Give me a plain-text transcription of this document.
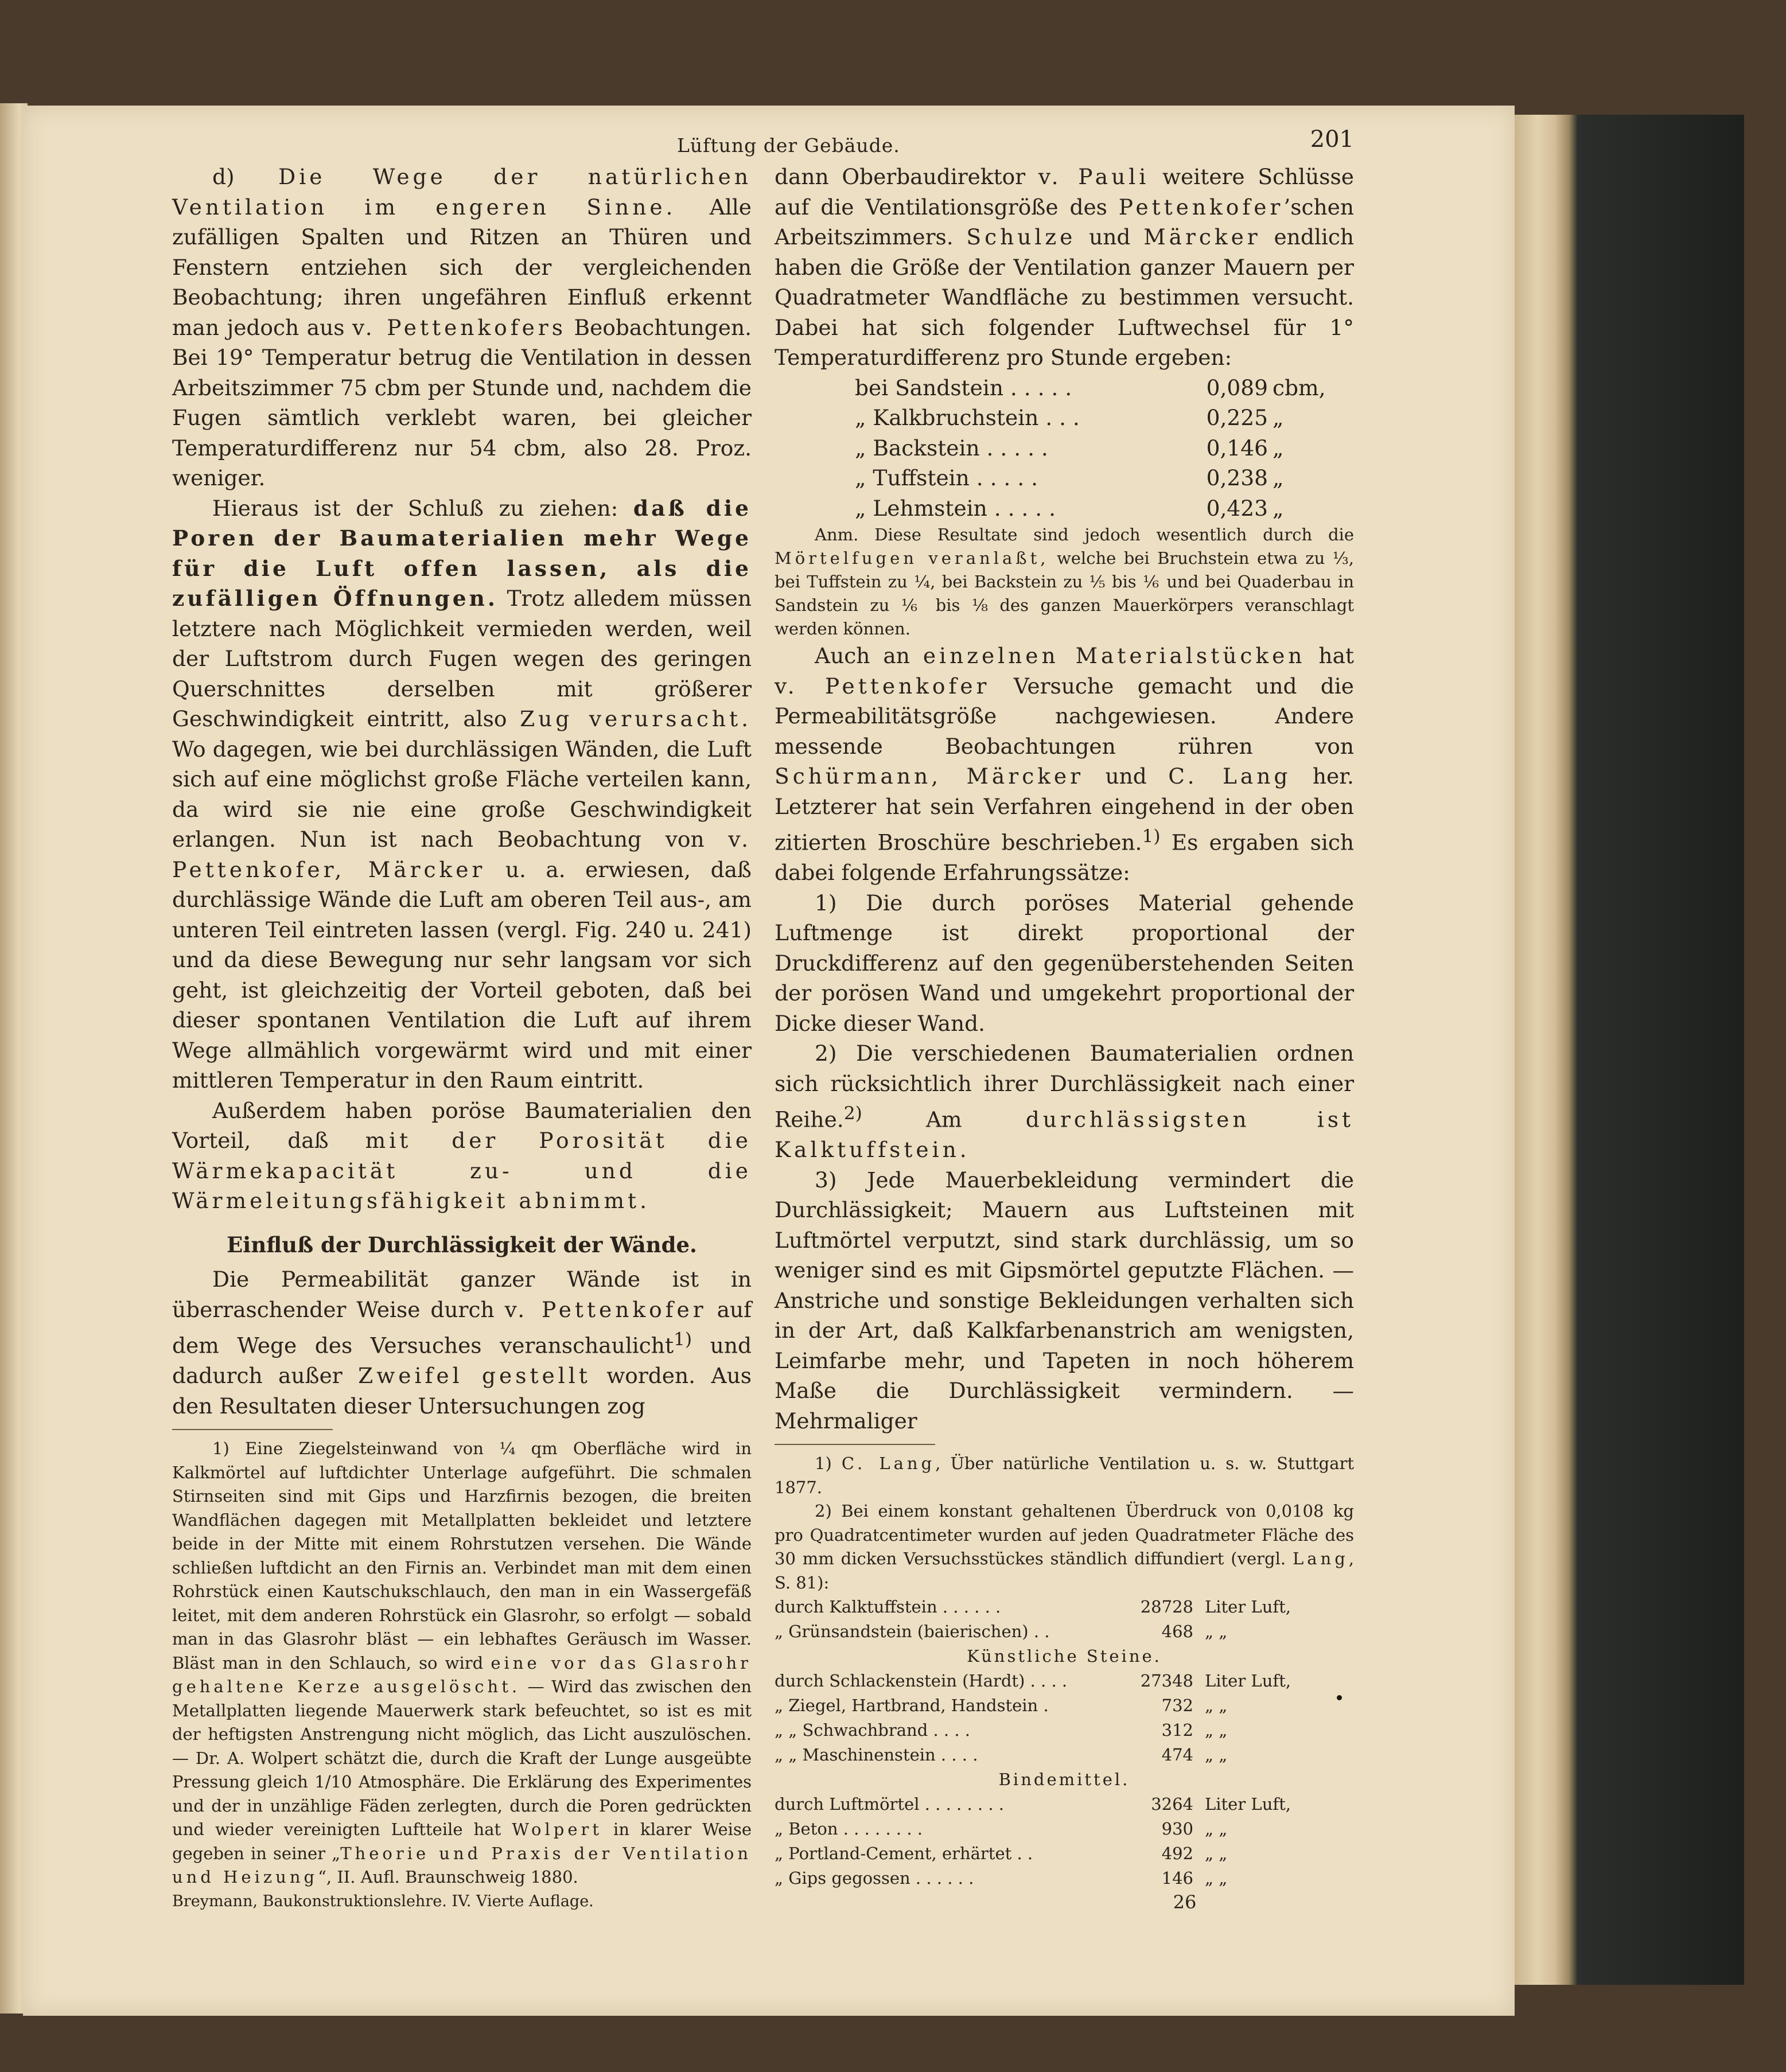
Lüftung der Gebäude.	201

d) Die Wege der natürlichen Ventilation im engeren Sinne. Alle zufälligen Spalten und Ritzen an Thüren und Fenstern entziehen sich der vergleichenden Beobachtung; ihren ungefähren Einfluß erkennt man jedoch aus v. Pettenkofers Beobachtungen. Bei 19° Temperatur betrug die Ventilation in dessen Arbeitszimmer 75 cbm per Stunde und, nachdem die Fugen sämtlich verklebt waren, bei gleicher Temperaturdifferenz nur 54 cbm, also 28. Proz. weniger.

Hieraus ist der Schluß zu ziehen: daß die Poren der Baumaterialien mehr Wege für die Luft offen lassen, als die zufälligen Öffnungen. Trotz alledem müssen letztere nach Möglichkeit vermieden werden, weil der Luftstrom durch Fugen wegen des geringen Querschnittes derselben mit größerer Geschwindigkeit eintritt, also Zug verursacht. Wo dagegen, wie bei durchlässigen Wänden, die Luft sich auf eine möglichst große Fläche verteilen kann, da wird sie nie eine große Geschwindigkeit erlangen. Nun ist nach Beobachtung von v. Pettenkofer, Märcker u. a. erwiesen, daß durchlässige Wände die Luft am oberen Teil aus-, am unteren Teil eintreten lassen (vergl. Fig. 240 u. 241) und da diese Bewegung nur sehr langsam vor sich geht, ist gleichzeitig der Vorteil geboten, daß bei dieser spontanen Ventilation die Luft auf ihrem Wege allmählich vorgewärmt wird und mit einer mittleren Temperatur in den Raum eintritt.

Außerdem haben poröse Baumaterialien den Vorteil, daß mit der Porosität die Wärmekapacität zu- und die Wärmeleitungsfähigkeit abnimmt.

Einfluß der Durchlässigkeit der Wände.

Die Permeabilität ganzer Wände ist in überraschender Weise durch v. Pettenkofer auf dem Wege des Versuches veranschaulicht$^{1)}$ und dadurch außer Zweifel gestellt worden. Aus den Resultaten dieser Untersuchungen zog

1) Eine Ziegelsteinwand von ¼ qm Oberfläche wird in Kalkmörtel auf luftdichter Unterlage aufgeführt. Die schmalen Stirnseiten sind mit Gips und Harzfirnis bezogen, die breiten Wandflächen dagegen mit Metallplatten bekleidet und letztere beide in der Mitte mit einem Rohrstutzen versehen. Die Wände schließen luftdicht an den Firnis an. Verbindet man mit dem einen Rohrstück einen Kautschukschlauch, den man in ein Wassergefäß leitet, mit dem anderen Rohrstück ein Glasrohr, so erfolgt — sobald man in das Glasrohr bläst — ein lebhaftes Geräusch im Wasser. Bläst man in den Schlauch, so wird eine vor das Glasrohr gehaltene Kerze ausgelöscht. — Wird das zwischen den Metallplatten liegende Mauerwerk stark befeuchtet, so ist es mit der heftigsten Anstrengung nicht möglich, das Licht auszulöschen. — Dr. A. Wolpert schätzt die, durch die Kraft der Lunge ausgeübte Pressung gleich 1/10 Atmosphäre. Die Erklärung des Experimentes und der in unzählige Fäden zerlegten, durch die Poren gedrückten und wieder vereinigten Luftteile hat Wolpert in klarer Weise gegeben in seiner „Theorie und Praxis der Ventilation und Heizung“, II. Aufl. Braunschweig 1880.

Breymann, Baukonstruktionslehre. IV. Vierte Auflage.

dann Oberbaudirektor v. Pauli weitere Schlüsse auf die Ventilationsgröße des Pettenkofer’schen Arbeitszimmers. Schulze und Märcker endlich haben die Größe der Ventilation ganzer Mauern per Quadratmeter Wandfläche zu bestimmen versucht. Dabei hat sich folgender Luftwechsel für 1° Temperaturdifferenz pro Stunde ergeben:

bei Sandstein . . . . .	0,089 cbm,
„ Kalkbruchstein . . .	0,225 „
„ Backstein . . . . .	0,146 „
„ Tuffstein . . . . .	0,238 „
„ Lehmstein . . . . .	0,423 „

Anm. Diese Resultate sind jedoch wesentlich durch die Mörtelfugen veranlaßt, welche bei Bruchstein etwa zu ⅓, bei Tuffstein zu ¼, bei Backstein zu ⅕ bis ⅙ und bei Quaderbau in Sandstein zu ⅙ bis ⅛ des ganzen Mauerkörpers veranschlagt werden können.

Auch an einzelnen Materialstücken hat v. Pettenkofer Versuche gemacht und die Permeabilitätsgröße nachgewiesen. Andere messende Beobachtungen rühren von Schürmann, Märcker und C. Lang her. Letzterer hat sein Verfahren eingehend in der oben zitierten Broschüre beschrieben.$^{1)}$ Es ergaben sich dabei folgende Erfahrungssätze:

1) Die durch poröses Material gehende Luftmenge ist direkt proportional der Druckdifferenz auf den gegenüberstehenden Seiten der porösen Wand und umgekehrt proportional der Dicke dieser Wand.

2) Die verschiedenen Baumaterialien ordnen sich rücksichtlich ihrer Durchlässigkeit nach einer Reihe.$^{2)}$ Am durchlässigsten ist Kalktuffstein.

3) Jede Mauerbekleidung vermindert die Durchlässigkeit; Mauern aus Luftsteinen mit Luftmörtel verputzt, sind stark durchlässig, um so weniger sind es mit Gipsmörtel geputzte Flächen. — Anstriche und sonstige Bekleidungen verhalten sich in der Art, daß Kalkfarbenanstrich am wenigsten, Leimfarbe mehr, und Tapeten in noch höherem Maße die Durchlässigkeit vermindern. — Mehrmaliger

1) C. Lang, Über natürliche Ventilation u. s. w. Stuttgart 1877.

2) Bei einem konstant gehaltenen Überdruck von 0,0108 kg pro Quadratcentimeter wurden auf jeden Quadratmeter Fläche des 30 mm dicken Versuchsstückes ständlich diffundiert (vergl. Lang, S. 81):

durch Kalktuffstein . . . . . .	28728 Liter Luft,
„ Grünsandstein (baierischen) . .	468 „ „
Künstliche Steine.
durch Schlackenstein (Hardt) . . . .	27348 Liter Luft,
„ Ziegel, Hartbrand, Handstein .	732 „ „
„ „ Schwachbrand . . . .	312 „ „
„ „ Maschinenstein . . . .	474 „ „
Bindemittel.
durch Luftmörtel . . . . . . . .	3264 Liter Luft,
„ Beton . . . . . . . .	930 „ „
„ Portland-Cement, erhärtet . .	492 „ „
„ Gips gegossen . . . . . .	146 „ „
26
